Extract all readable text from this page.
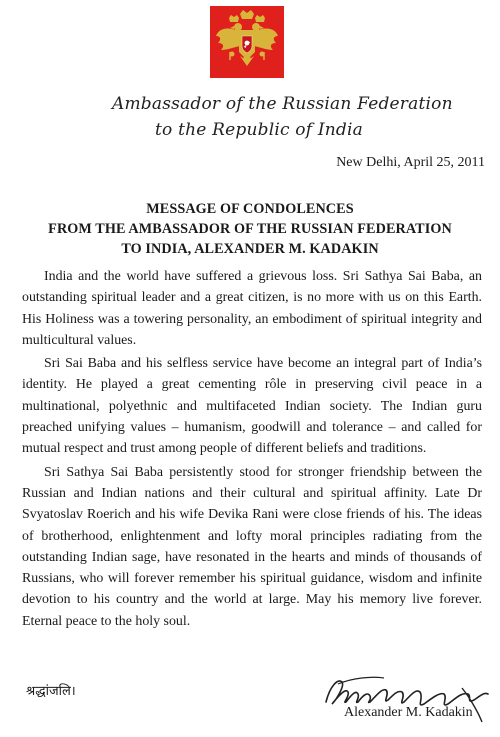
Ambassador of the Russian Federation
to the Republic of India
New Delhi, April 25, 2011
MESSAGE OF CONDOLENCES
FROM THE AMBASSADOR OF THE RUSSIAN FEDERATION
TO INDIA, ALEXANDER M. KADAKIN

India and the world have suffered a grievous loss. Sri Sathya Sai Baba, an outstanding spiritual leader and a great citizen, is no more with us on this Earth. His Holiness was a towering personality, an embodiment of spiritual integrity and multicultural values.

Sri Sai Baba and his selfless service have become an integral part of India’s identity. He played a great cementing rôle in preserving civil peace in a multinational, polyethnic and multifaceted Indian society. The Indian guru preached unifying values – humanism, goodwill and tolerance – and called for mutual respect and trust among people of different beliefs and traditions.

Sri Sathya Sai Baba persistently stood for stronger friendship between the Russian and Indian nations and their cultural and spiritual affinity. Late Dr Svyatoslav Roerich and his wife Devika Rani were close friends of his. The ideas of brotherhood, enlightenment and lofty moral principles radiating from the outstanding Indian sage, have resonated in the hearts and minds of thousands of Russians, who will forever remember his spiritual guidance, wisdom and infinite devotion to his country and the world at large. May his memory live forever. Eternal peace to the holy soul.

श्रद्धांजलि।
Alexander M. Kadakin
